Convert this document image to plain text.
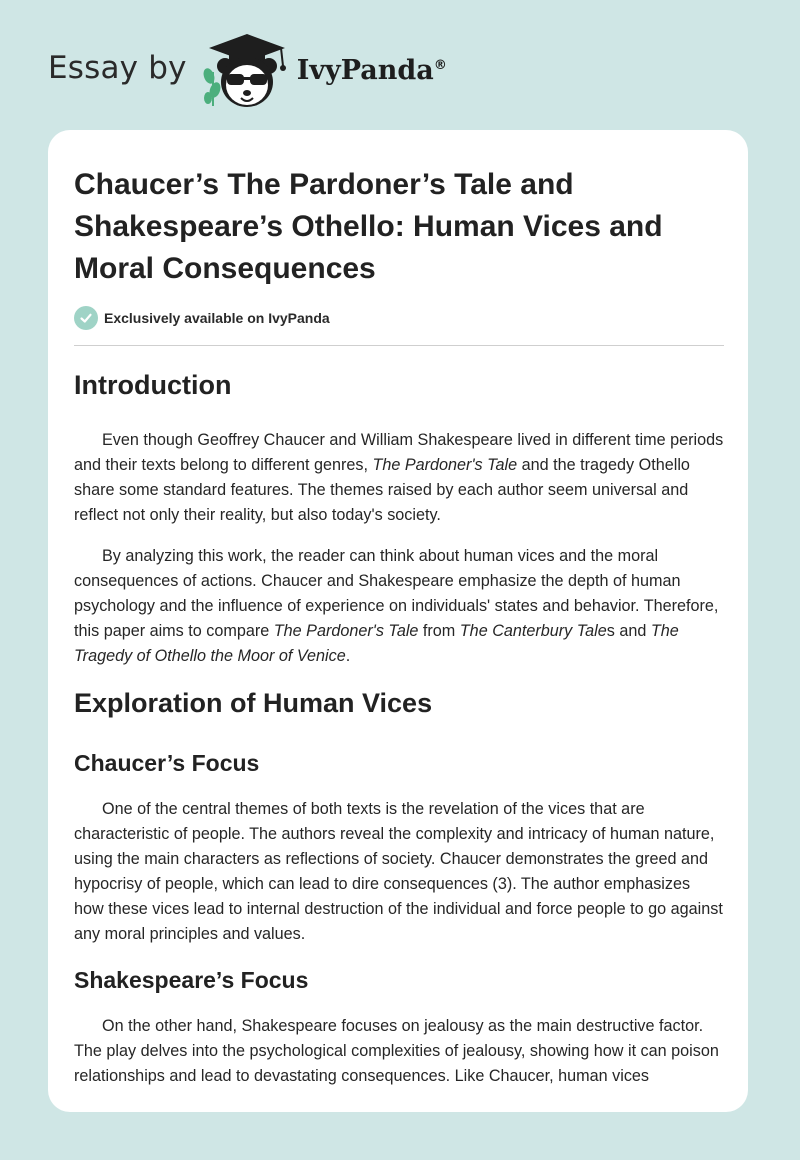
Essay by	IvyPanda®
Chaucer’s The Pardoner’s Tale and Shakespeare’s Othello: Human Vices and Moral Consequences
Exclusively available on IvyPanda
Introduction

Even though Geoffrey Chaucer and William Shakespeare lived in different time periods and their texts belong to different genres, The Pardoner's Tale and the tragedy Othello share some standard features. The themes raised by each author seem universal and reflect not only their reality, but also today's society.

By analyzing this work, the reader can think about human vices and the moral consequences of actions. Chaucer and Shakespeare emphasize the depth of human psychology and the influence of experience on individuals' states and behavior. Therefore, this paper aims to compare The Pardoner's Tale from The Canterbury Tales and The Tragedy of Othello the Moor of Venice.

Exploration of Human Vices
Chaucer’s Focus

One of the central themes of both texts is the revelation of the vices that are characteristic of people. The authors reveal the complexity and intricacy of human nature, using the main characters as reflections of society. Chaucer demonstrates the greed and hypocrisy of people, which can lead to dire consequences (3). The author emphasizes how these vices lead to internal destruction of the individual and force people to go against any moral principles and values.

Shakespeare’s Focus

On the other hand, Shakespeare focuses on jealousy as the main destructive factor. The play delves into the psychological complexities of jealousy, showing how it can poison relationships and lead to devastating consequences. Like Chaucer, human vices
